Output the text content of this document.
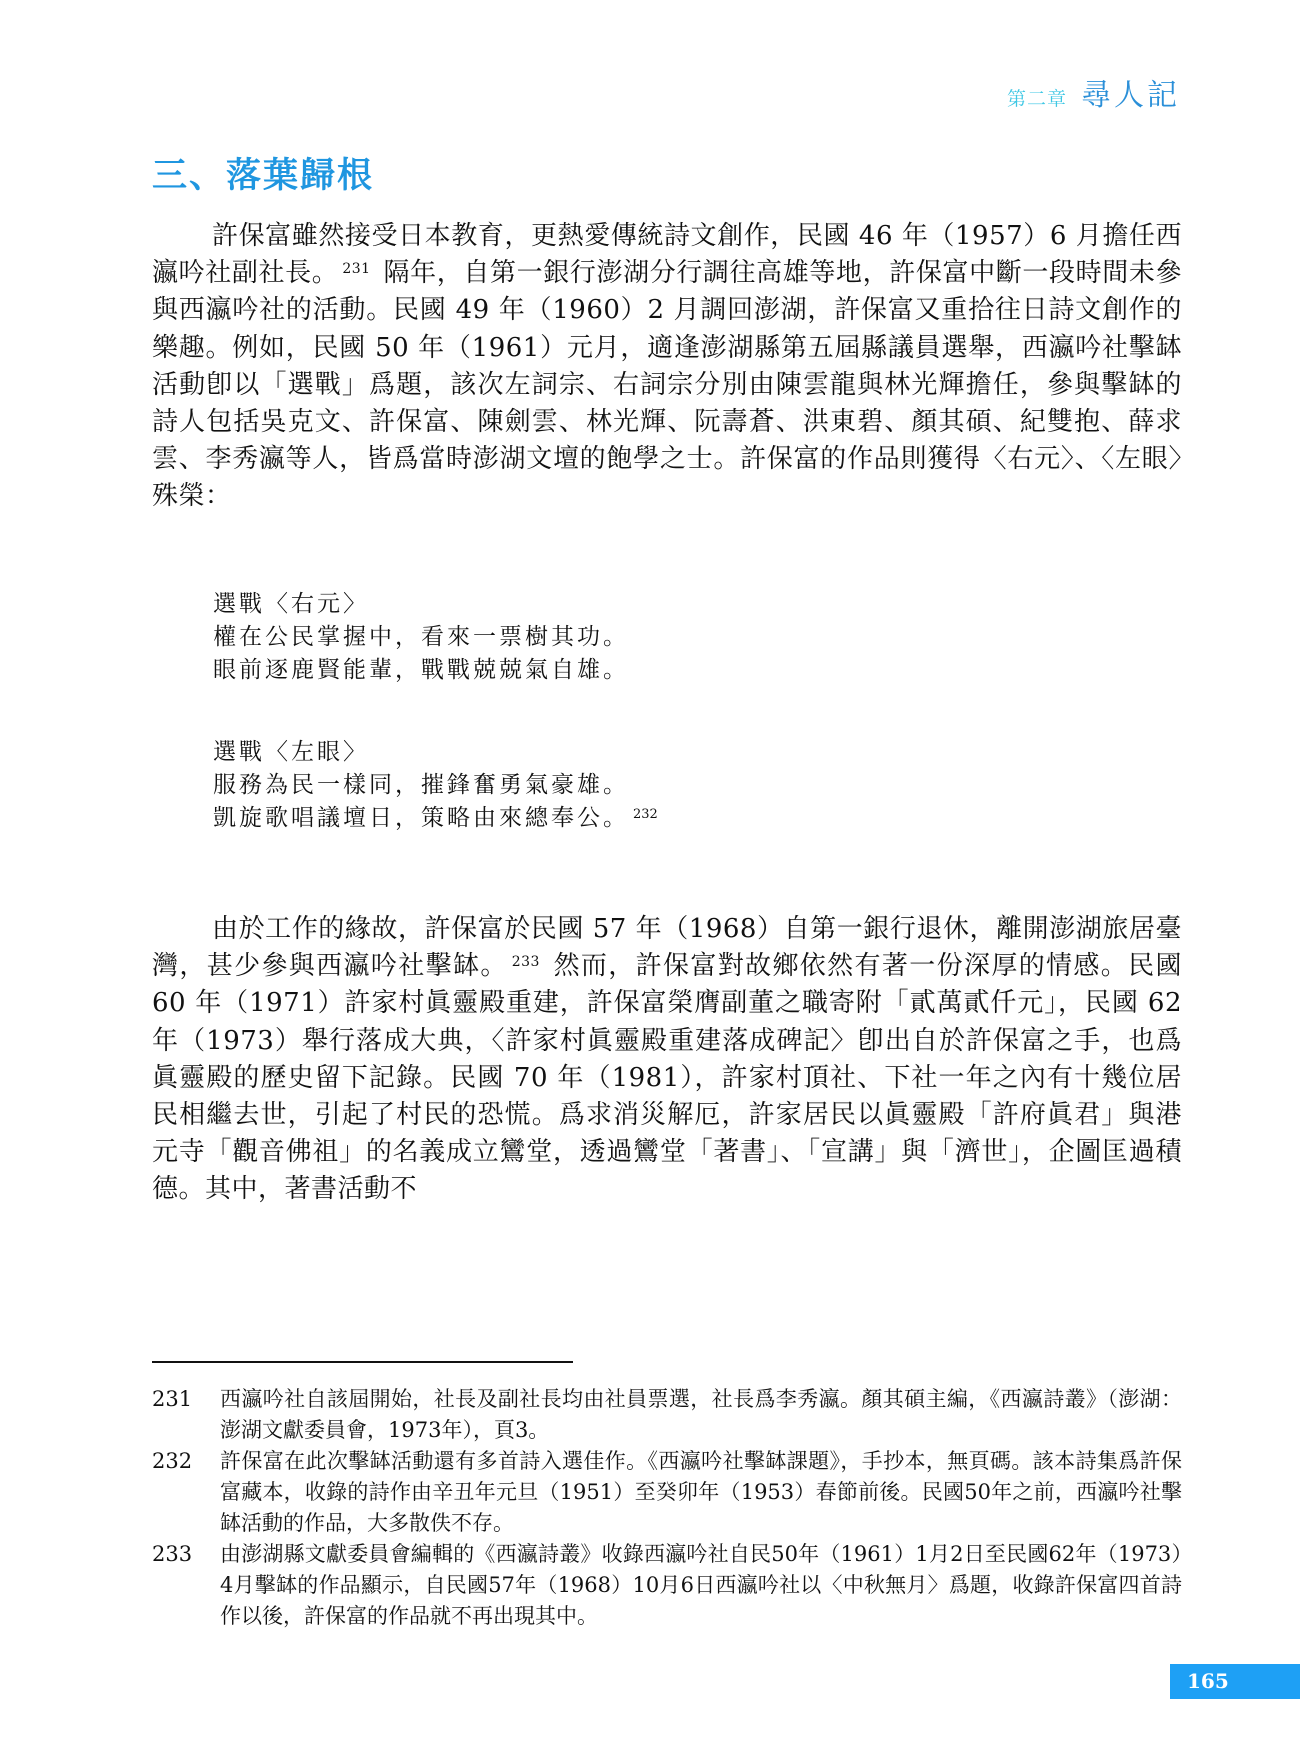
第二章 尋人記
三、落葉歸根

許保富雖然接受日本教育，更熱愛傳統詩文創作，民國 46 年（1957）6 月擔任西瀛吟社副社長。 $^{231}$ 隔年，自第一銀行澎湖分行調往高雄等地，許保富中斷一段時間未參與西瀛吟社的活動。民國 49 年（1960）2 月調回澎湖，許保富又重拾往日詩文創作的樂趣。例如，民國 50 年（1961）元月，適逢澎湖縣第五屆縣議員選舉，西瀛吟社擊缽活動卽以「選戰」爲題，該次左詞宗、右詞宗分別由陳雲龍與林光輝擔任，參與擊缽的詩人包括吳克文、許保富、陳劍雲、林光輝、阮壽蒼、洪東碧、顏其碩、紀雙抱、薛求雲、李秀瀛等人，皆爲當時澎湖文壇的飽學之士。許保富的作品則獲得〈右元〉、〈左眼〉殊榮：

選戰〈右元〉
權在公民掌握中，看來一票樹其功。
眼前逐鹿賢能輩，戰戰兢兢氣自雄。
選戰〈左眼〉
服務為民一樣同，摧鋒奮勇氣豪雄。
凱旋歌唱議壇日，策略由來總奉公。 $^{232}$

由於工作的緣故，許保富於民國 57 年（1968）自第一銀行退休，離開澎湖旅居臺灣，甚少參與西瀛吟社擊缽。 $^{233}$ 然而，許保富對故鄉依然有著一份深厚的情感。民國 60 年（1971）許家村眞靈殿重建，許保富榮膺副董之職寄附「貳萬貳仟元」，民國 62 年（1973）舉行落成大典，〈許家村眞靈殿重建落成碑記〉卽出自於許保富之手，也爲眞靈殿的歷史留下記錄。民國 70 年（1981），許家村頂社、下社一年之內有十幾位居民相繼去世，引起了村民的恐慌。爲求消災解厄，許家居民以眞靈殿「許府眞君」與港元寺「觀音佛祖」的名義成立鸞堂，透過鸞堂「著書」、「宣講」與「濟世」，企圖匡過積德。其中，著書活動不

231	西瀛吟社自該屆開始，社長及副社長均由社員票選，社長爲李秀瀛。顏其碩主編，《西瀛詩叢》（澎湖：澎湖文獻委員會，1973年），頁3。
232	許保富在此次擊缽活動還有多首詩入選佳作。《西瀛吟社擊缽課題》，手抄本，無頁碼。該本詩集爲許保富藏本，收錄的詩作由辛丑年元旦（1951）至癸卯年（1953）春節前後。民國50年之前，西瀛吟社擊缽活動的作品，大多散佚不存。
233	由澎湖縣文獻委員會編輯的《西瀛詩叢》收錄西瀛吟社自民50年（1961）1月2日至民國62年（1973）4月擊缽的作品顯示，自民國57年（1968）10月6日西瀛吟社以〈中秋無月〉爲題，收錄許保富四首詩作以後，許保富的作品就不再出現其中。
165
